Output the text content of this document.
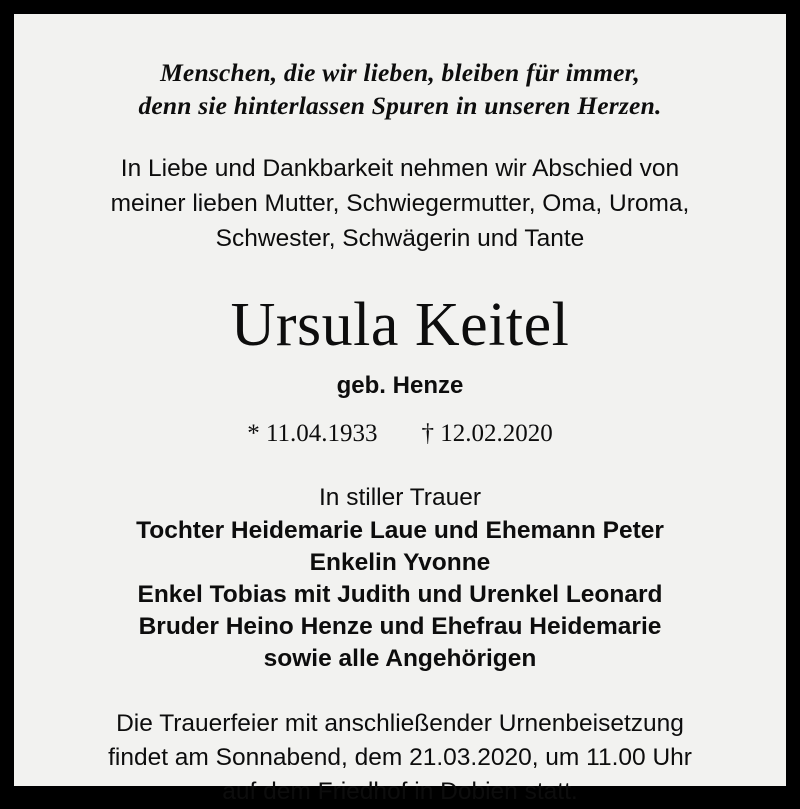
Menschen, die wir lieben, bleiben für immer,
denn sie hinterlassen Spuren in unseren Herzen.
In Liebe und Dankbarkeit nehmen wir Abschied von
meiner lieben Mutter, Schwiegermutter, Oma, Uroma,
Schwester, Schwägerin und Tante
Ursula Keitel
geb. Henze
* 11.04.1933 † 12.02.2020
In stiller Trauer
Tochter Heidemarie Laue und Ehemann Peter
Enkelin Yvonne
Enkel Tobias mit Judith und Urenkel Leonard
Bruder Heino Henze und Ehefrau Heidemarie
sowie alle Angehörigen
Die Trauerfeier mit anschließender Urnenbeisetzung
findet am Sonnabend, dem 21.03.2020, um 11.00 Uhr
auf dem Friedhof in Dobien statt.
